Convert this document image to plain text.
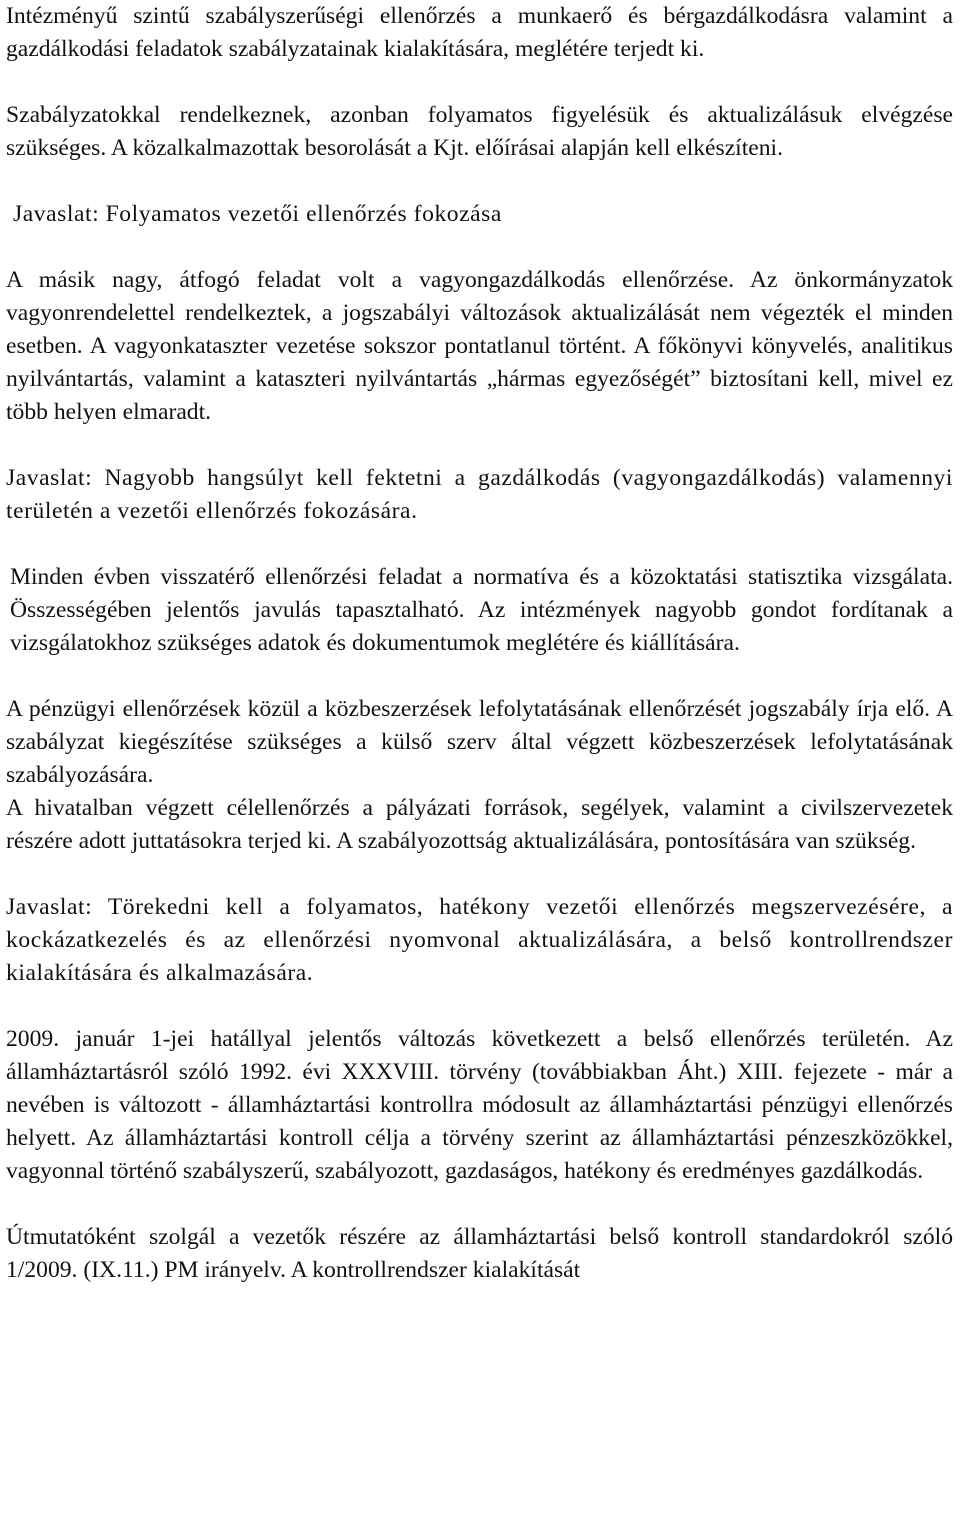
Intézményű szintű szabályszerűségi ellenőrzés a munkaerő és bérgazdálkodásra valamint a gazdálkodási feladatok szabályzatainak kialakítására, meglétére terjedt ki.

Szabályzatokkal rendelkeznek, azonban folyamatos figyelésük és aktualizálásuk elvégzése szükséges. A közalkalmazottak besorolását a Kjt. előírásai alapján kell elkészíteni.

Javaslat: Folyamatos vezetői ellenőrzés fokozása

A másik nagy, átfogó feladat volt a vagyongazdálkodás ellenőrzése. Az önkormányzatok vagyonrendelettel rendelkeztek, a jogszabályi változások aktualizálását nem végezték el minden esetben. A vagyonkataszter vezetése sokszor pontatlanul történt. A főkönyvi könyvelés, analitikus nyilvántartás, valamint a kataszteri nyilvántartás „hármas egyezőségét” biztosítani kell, mivel ez több helyen elmaradt.

Javaslat: Nagyobb hangsúlyt kell fektetni a gazdálkodás (vagyongazdálkodás) valamennyi területén a vezetői ellenőrzés fokozására.

Minden évben visszatérő ellenőrzési feladat a normatíva és a közoktatási statisztika vizsgálata. Összességében jelentős javulás tapasztalható. Az intézmények nagyobb gondot fordítanak a vizsgálatokhoz szükséges adatok és dokumentumok meglétére és kiállítására.

A pénzügyi ellenőrzések közül a közbeszerzések lefolytatásának ellenőrzését jogszabály írja elő. A szabályzat kiegészítése szükséges a külső szerv által végzett közbeszerzések lefolytatásának szabályozására.

A hivatalban végzett célellenőrzés a pályázati források, segélyek, valamint a civilszervezetek részére adott juttatásokra terjed ki. A szabályozottság aktualizálására, pontosítására van szükség.

Javaslat: Törekedni kell a folyamatos, hatékony vezetői ellenőrzés megszervezésére, a kockázatkezelés és az ellenőrzési nyomvonal aktualizálására, a belső kontrollrendszer kialakítására és alkalmazására.

2009. január 1-jei hatállyal jelentős változás következett a belső ellenőrzés területén. Az államháztartásról szóló 1992. évi XXXVIII. törvény (továbbiakban Áht.) XIII. fejezete - már a nevében is változott - államháztartási kontrollra módosult az államháztartási pénzügyi ellenőrzés helyett. Az államháztartási kontroll célja a törvény szerint az államháztartási pénzeszközökkel, vagyonnal történő szabályszerű, szabályozott, gazdaságos, hatékony és eredményes gazdálkodás.

Útmutatóként szolgál a vezetők részére az államháztartási belső kontroll standardokról szóló 1/2009. (IX.11.) PM irányelv. A kontrollrendszer kialakítását
